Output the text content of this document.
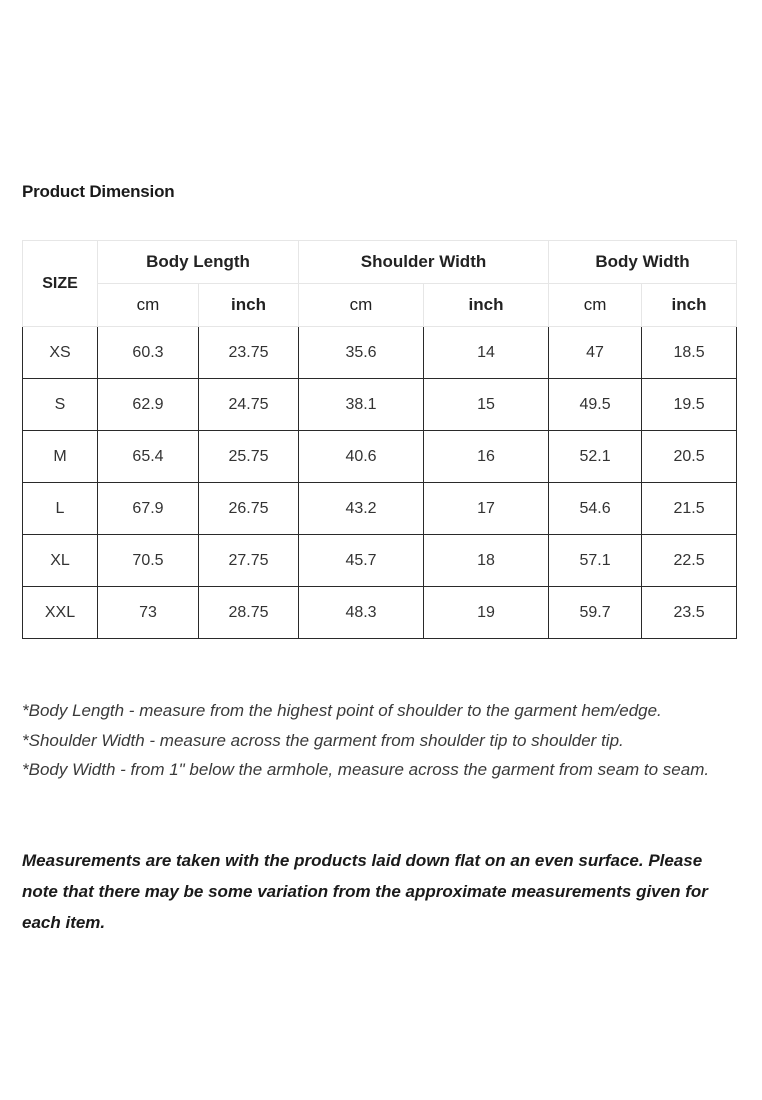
Product Dimension
SIZE	Body Length		Shoulder Width		Body Width	
	cm	inch	cm	inch	cm	inch
XS	60.3	23.75	35.6	14	47	18.5
S	62.9	24.75	38.1	15	49.5	19.5
M	65.4	25.75	40.6	16	52.1	20.5
L	67.9	26.75	43.2	17	54.6	21.5
XL	70.5	27.75	45.7	18	57.1	22.5
XXL	73	28.75	48.3	19	59.7	23.5

*Body Length - measure from the highest point of shoulder to the garment hem/edge.

*Shoulder Width - measure across the garment from shoulder tip to shoulder tip.

*Body Width - from 1" below the armhole, measure across the garment from seam to seam.

Measurements are taken with the products laid down flat on an even surface. Please note that there may be some variation from the approximate measurements given for each item.
